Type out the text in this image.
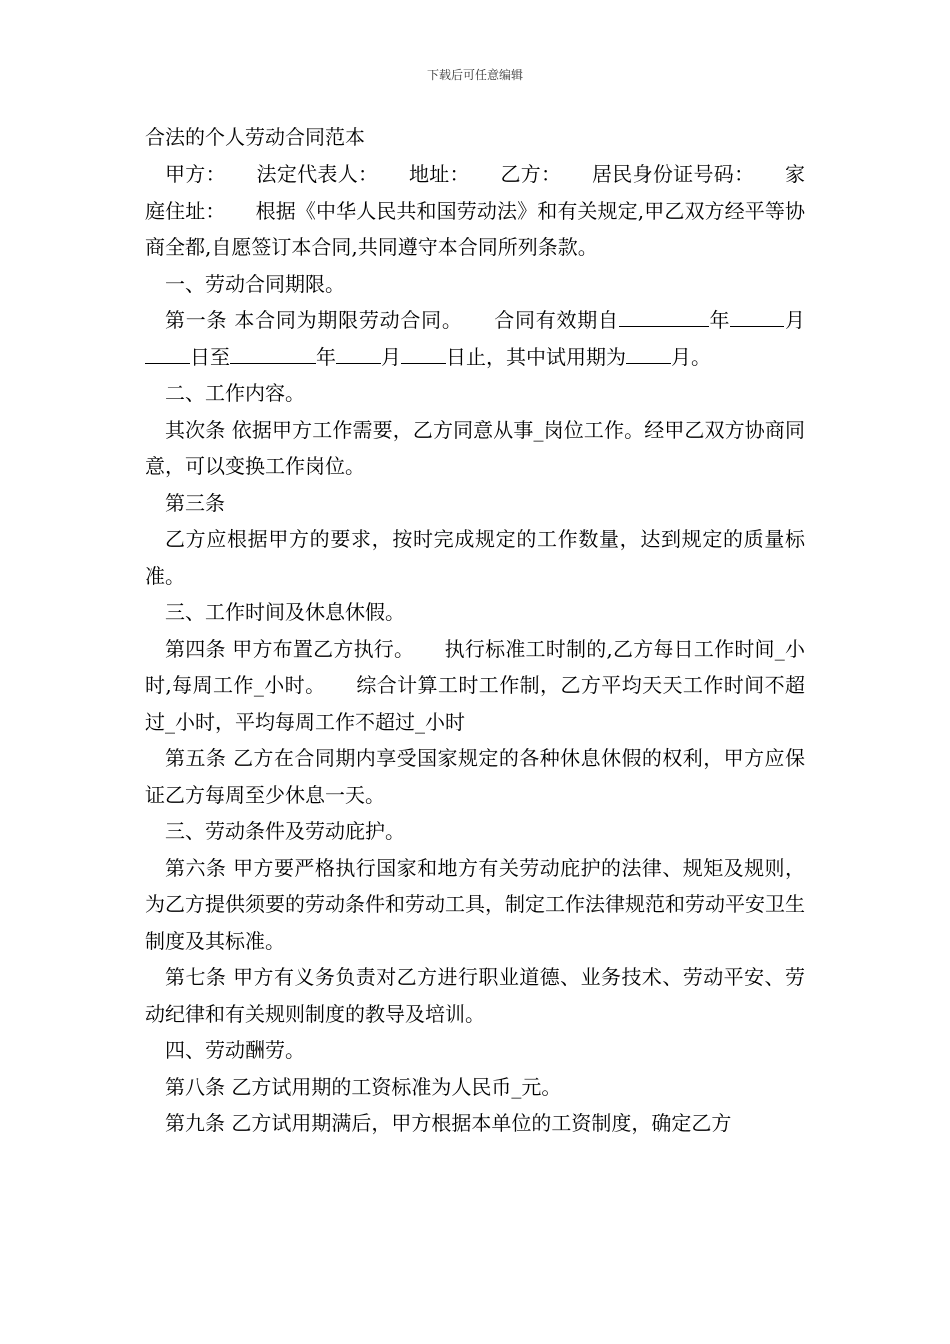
下载后可任意编辑
合法的个人劳动合同范本

甲方：　　法定代表人：　　地址：　　乙方：　　居民身份证号码：　　家庭住址：　　根据《中华人民共和国劳动法》和有关规定,甲乙双方经平等协商全都,自愿签订本合同,共同遵守本合同所列条款。

一、劳动合同期限。

第一条 本合同为期限劳动合同。　　合同有效期自	年	月日至	年 月 日止，其中试用期为 月。

二、工作内容。

其次条 依据甲方工作需要，乙方同意从事_岗位工作。经甲乙双方协商同意，可以变换工作岗位。

第三条

乙方应根据甲方的要求，按时完成规定的工作数量，达到规定的质量标准。

三、工作时间及休息休假。

第四条 甲方布置乙方执行。　　执行标准工时制的,乙方每日工作时间_小时,每周工作_小时。　　综合计算工时工作制，乙方平均天天工作时间不超过_小时，平均每周工作不超过_小时

第五条 乙方在合同期内享受国家规定的各种休息休假的权利，甲方应保证乙方每周至少休息一天。

三、劳动条件及劳动庇护。

第六条 甲方要严格执行国家和地方有关劳动庇护的法律、规矩及规则，为乙方提供须要的劳动条件和劳动工具，制定工作法律规范和劳动平安卫生制度及其标准。

第七条 甲方有义务负责对乙方进行职业道德、业务技术、劳动平安、劳动纪律和有关规则制度的教导及培训。

四、劳动酬劳。

第八条 乙方试用期的工资标准为人民币_元。

第九条 乙方试用期满后，甲方根据本单位的工资制度，确定乙方
